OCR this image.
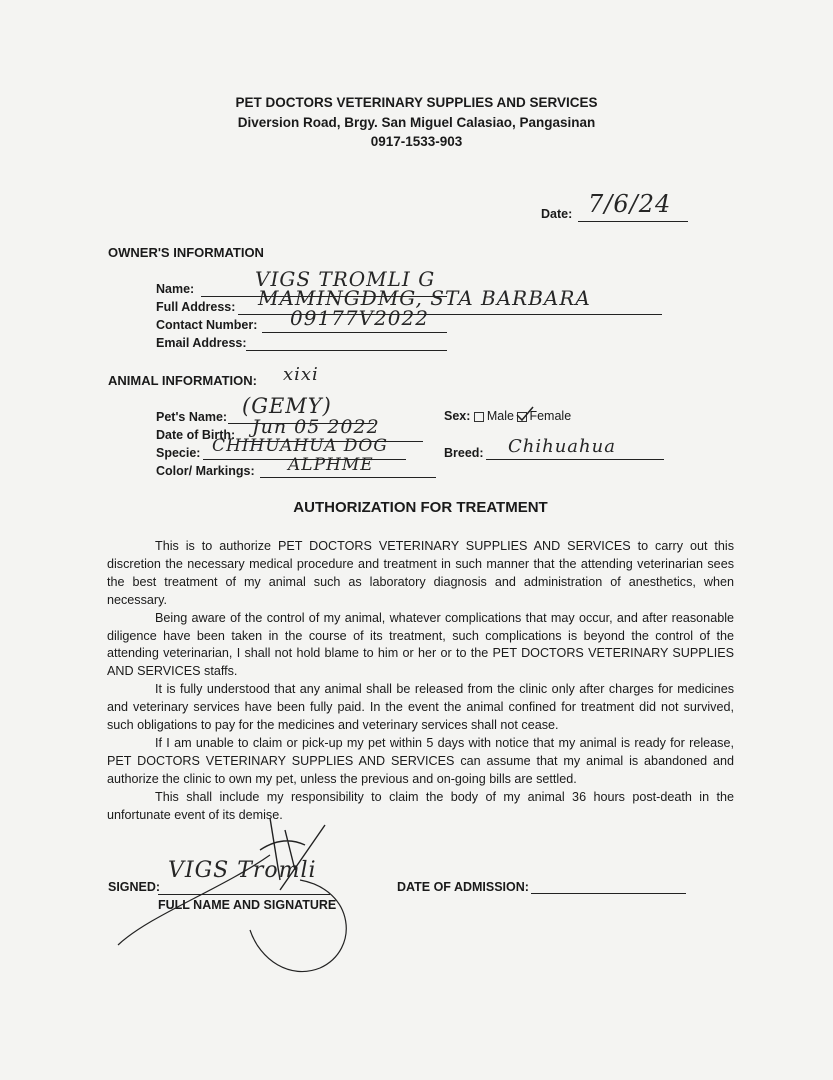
PET DOCTORS VETERINARY SUPPLIES AND SERVICES
Diversion Road, Brgy. San Miguel Calasiao, Pangasinan
0917-1533-903
Date: 7/6/24
OWNER'S INFORMATION
Name:	VIGS TROMLI G
Full Address: MAMINGDMG, STA BARBARA
Contact Number: 09177V2022
Email Address:
ANIMAL INFORMATION: xixi
Pet's Name: (GEMY)
Date of Birth: Jun 05 2022
Specie: CHIHUAHUA DOG
Color/ Markings: ALPHME
Sex: Male Female
Breed: Chihuahua
AUTHORIZATION FOR TREATMENT

This is to authorize PET DOCTORS VETERINARY SUPPLIES AND SERVICES to carry out this discretion the necessary medical procedure and treatment in such manner that the attending veterinarian sees the best treatment of my animal such as laboratory diagnosis and administration of anesthetics, when necessary.

Being aware of the control of my animal, whatever complications that may occur, and after reasonable diligence have been taken in the course of its treatment, such complications is beyond the control of the attending veterinarian, I shall not hold blame to him or her or to the PET DOCTORS VETERINARY SUPPLIES AND SERVICES staffs.

It is fully understood that any animal shall be released from the clinic only after charges for medicines and veterinary services have been fully paid. In the event the animal confined for treatment did not survived, such obligations to pay for the medicines and veterinary services shall not cease.

If I am unable to claim or pick-up my pet within 5 days with notice that my animal is ready for release, PET DOCTORS VETERINARY SUPPLIES AND SERVICES can assume that my animal is abandoned and authorize the clinic to own my pet, unless the previous and on-going bills are settled.

This shall include my responsibility to claim the body of my animal 36 hours post-death in the unfortunate event of its demise.

SIGNED:
FULL NAME AND SIGNATURE
VIGS Tromli
DATE OF ADMISSION:
